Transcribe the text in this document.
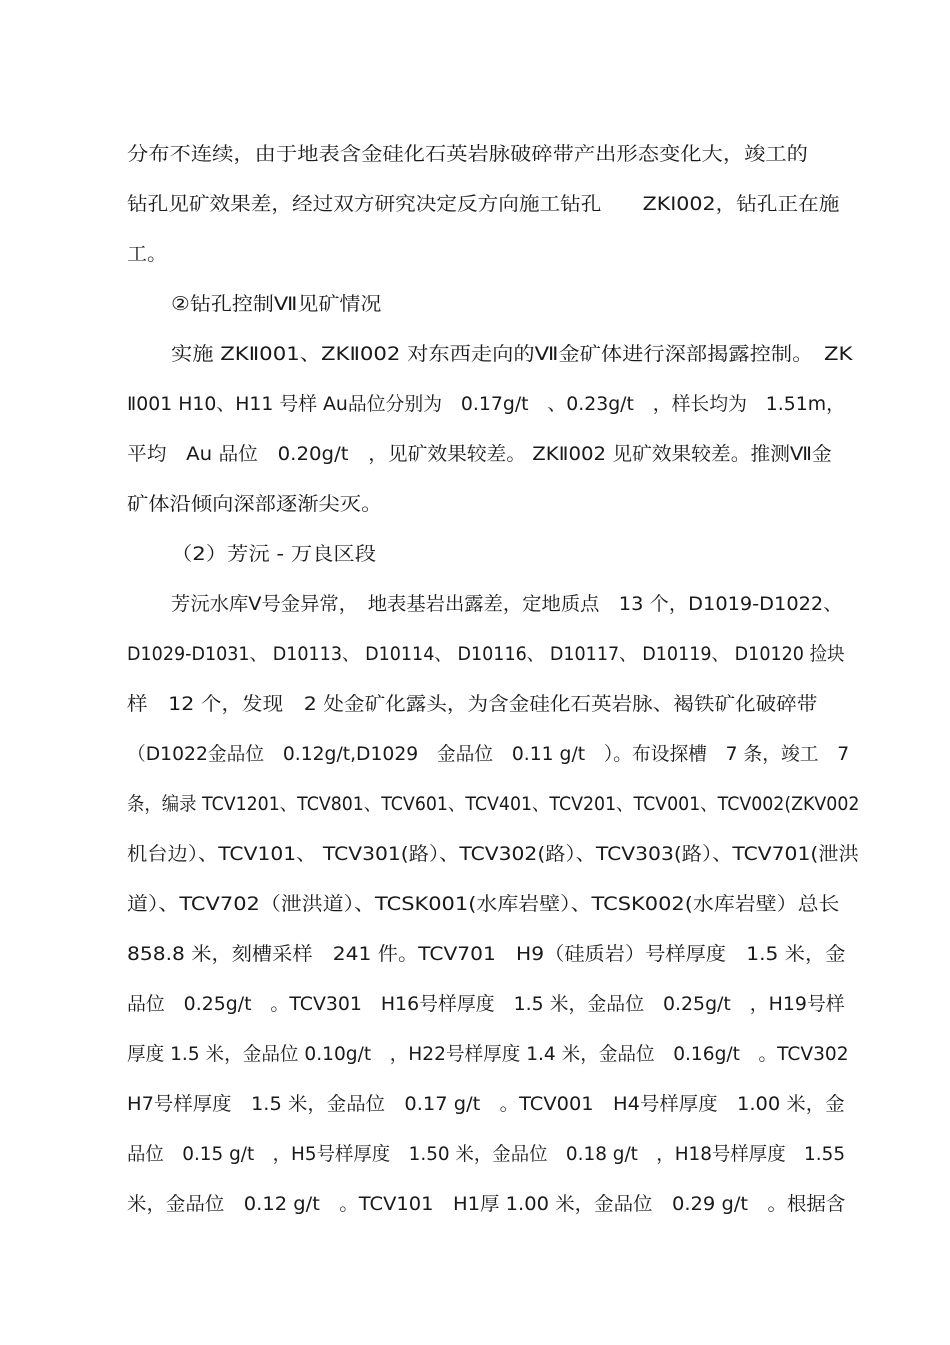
分布不连续，由于地表含金硅化石英岩脉破碎带产出形态变化大，竣工的
钻孔见矿效果差，经过双方研究决定反方向施工钻孔　　ZKI002，钻孔正在施
工。
②钻孔控制Ⅶ见矿情况
实施 ZKⅡ001、ZKⅡ002 对东西走向的Ⅶ金矿体进行深部揭露控制。　ZK
Ⅱ001 H10、H11 号样 Au品位分别为　0.17g/t　、0.23g/t　，样长均为　1.51m，
平均　Au 品位　0.20g/t　，见矿效果较差。 ZKⅡ002 见矿效果较差。推测Ⅶ金
矿体沿倾向深部逐渐尖灭。
（2）芳沅 - 万良区段
芳沅水库Ⅴ号金异常，　地表基岩出露差，定地质点　13 个，D1019-D1022、
D1029-D1031、 D10113、 D10114、 D10116、 D10117、 D10119、 D10120 捡块
样　12 个，发现　2 处金矿化露头，为含金硅化石英岩脉、褐铁矿化破碎带
（D1022金品位　0.12g/t,D1029　金品位　0.11 g/t　）。布设探槽　7 条，竣工　7
条，编录 TCV1201、TCV801、TCV601、TCV401、TCV201、TCV001、TCV002(ZKV002
机台边）、TCV101、 TCV301(路）、TCV302(路）、TCV303(路）、TCV701(泄洪
道）、TCV702（泄洪道）、TCSK001(水库岩壁）、TCSK002(水库岩壁）总长
858.8 米，刻槽采样　241 件。TCV701　H9（硅质岩）号样厚度　1.5 米，金
品位　0.25g/t　。TCV301　H16号样厚度　1.5 米，金品位　0.25g/t　，H19号样
厚度 1.5 米，金品位 0.10g/t　，H22号样厚度 1.4 米，金品位　0.16g/t　。TCV302
H7号样厚度　1.5 米，金品位　0.17 g/t　。TCV001　H4号样厚度　1.00 米，金
品位　0.15 g/t　，H5号样厚度　1.50 米，金品位　0.18 g/t　，H18号样厚度　1.55
米，金品位　0.12 g/t　。TCV101　H1厚 1.00 米，金品位　0.29 g/t　。根据含
